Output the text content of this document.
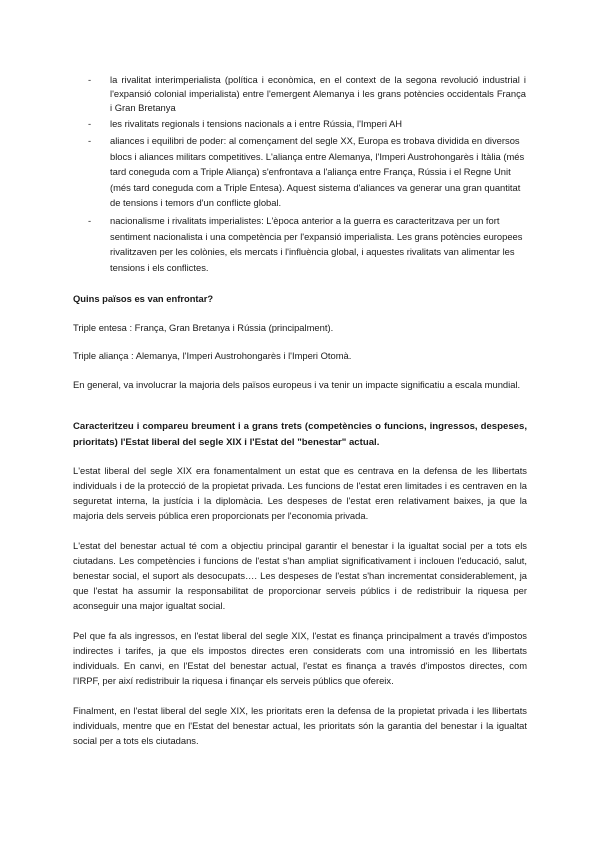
- la rivalitat interimperialista (política i econòmica, en el context de la segona revolució industrial i l'expansió colonial imperialista) entre l'emergent Alemanya i les grans potències occidentals França i Gran Bretanya
- les rivalitats regionals i tensions nacionals a i entre Rússia, l'Imperi AH
- aliances i equilibri de poder: al començament del segle XX, Europa es trobava dividida en diversos blocs i aliances militars competitives. L'aliança entre Alemanya, l'Imperi Austrohongarès i Itàlia (més tard coneguda com a Triple Aliança) s'enfrontava a l'aliança entre França, Rússia i el Regne Unit (més tard coneguda com a Triple Entesa). Aquest sistema d'aliances va generar una gran quantitat de tensions i temors d'un conflicte global.
- nacionalisme i rivalitats imperialistes: L'època anterior a la guerra es caracteritzava per un fort sentiment nacionalista i una competència per l'expansió imperialista. Les grans potències europees rivalitzaven per les colònies, els mercats i l'influència global, i aquestes rivalitats van alimentar les tensions i els conflictes.

Quins països es van enfrontar?

Triple entesa : França, Gran Bretanya i Rússia (principalment).

Triple aliança : Alemanya, l'Imperi Austrohongarès i l'Imperi Otomà.

En general, va involucrar la majoria dels països europeus i va tenir un impacte significatiu a escala mundial.

Caracteritzeu i compareu breument i a grans trets (competències o funcions, ingressos, despeses, prioritats) l'Estat liberal del segle XIX i l'Estat del "benestar" actual.

L'estat liberal del segle XIX era fonamentalment un estat que es centrava en la defensa de les llibertats individuals i de la protecció de la propietat privada. Les funcions de l'estat eren limitades i es centraven en la seguretat interna, la justícia i la diplomàcia. Les despeses de l'estat eren relativament baixes, ja que la majoria dels serveis pública eren proporcionats per l'economia privada.

L'estat del benestar actual té com a objectiu principal garantir el benestar i la igualtat social per a tots els ciutadans. Les competències i funcions de l'estat s'han ampliat significativament i inclouen l'educació, salut, benestar social, el suport als desocupats…. Les despeses de l'estat s'han incrementat considerablement, ja que l'estat ha assumir la responsabilitat de proporcionar serveis públics i de redistribuir la riquesa per aconseguir una major igualtat social.

Pel que fa als ingressos, en l'estat liberal del segle XIX, l'estat es finança principalment a través d'impostos indirectes i tarifes, ja que els impostos directes eren considerats com una intromissió en les llibertats individuals. En canvi, en l'Estat del benestar actual, l'estat es finança a través d'impostos directes, com l'IRPF, per així redistribuir la riquesa i finançar els serveis públics que ofereix.

Finalment, en l'estat liberal del segle XIX, les prioritats eren la defensa de la propietat privada i les llibertats individuals, mentre que en l'Estat del benestar actual, les prioritats són la garantia del benestar i la igualtat social per a tots els ciutadans.
